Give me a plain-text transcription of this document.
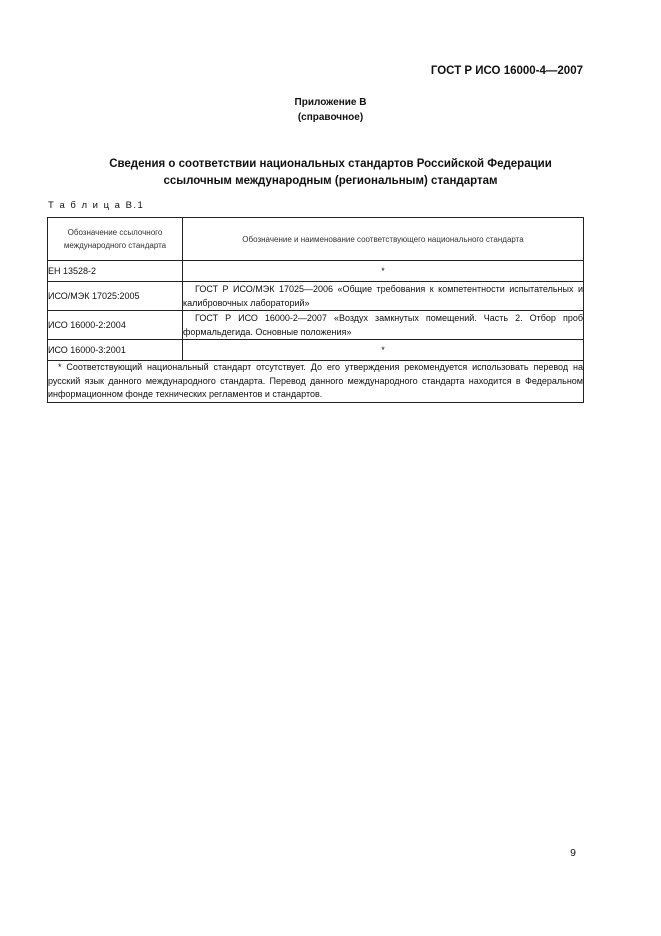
ГОСТ Р ИСО 16000-4—2007
Приложение В
(справочное)
Сведения о соответствии национальных стандартов Российской Федерации
ссылочным международным (региональным) стандартам
Т а б л и ц а В.1
Обозначение ссылочного международного стандарта	Обозначение и наименование соответствующего национального стандарта
ЕН 13528-2	*
ИСО/МЭК 17025:2005	ГОСТ Р ИСО/МЭК 17025—2006 «Общие требования к компетентности испытательных и калибровочных лабораторий»
ИСО 16000-2:2004	ГОСТ Р ИСО 16000-2—2007 «Воздух замкнутых помещений. Часть 2. Отбор проб формальдегида. Основные положения»
ИСО 16000-3:2001	*
* Соответствующий национальный стандарт отсутствует. До его утверждения рекомендуется использовать перевод на русский язык данного международного стандарта. Перевод данного международного стандарта находится в Федеральном информационном фонде технических регламентов и стандартов.	
9
